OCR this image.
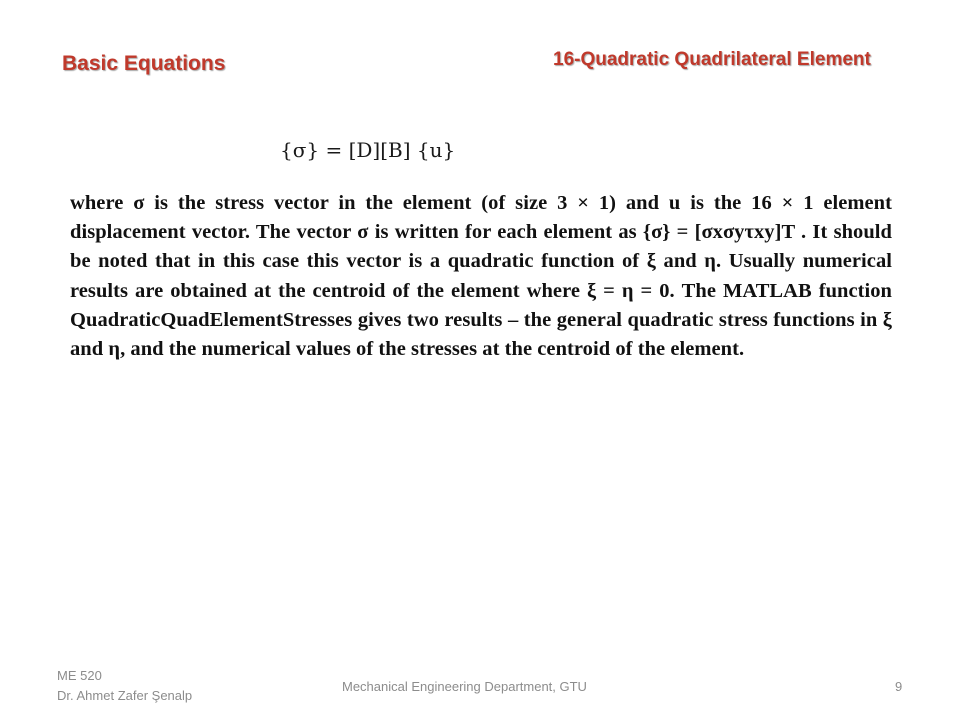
Basic Equations	16-Quadratic Quadrilateral Element
{σ} = [D][B] {u}

where σ is the stress vector in the element (of size 3 × 1) and u is the 16 × 1 element displacement vector. The vector σ is written for each element as {σ} = [σxσyτxy]T . It should be noted that in this case this vector is a quadratic function of ξ and η. Usually numerical results are obtained at the centroid of the element where ξ = η = 0. The MATLAB function QuadraticQuadElementStresses gives two results – the general quadratic stress functions in ξ and η, and the numerical values of the stresses at the centroid of the element.

ME 520
Dr. Ahmet Zafer Şenalp
Mechanical Engineering Department, GTU	9
